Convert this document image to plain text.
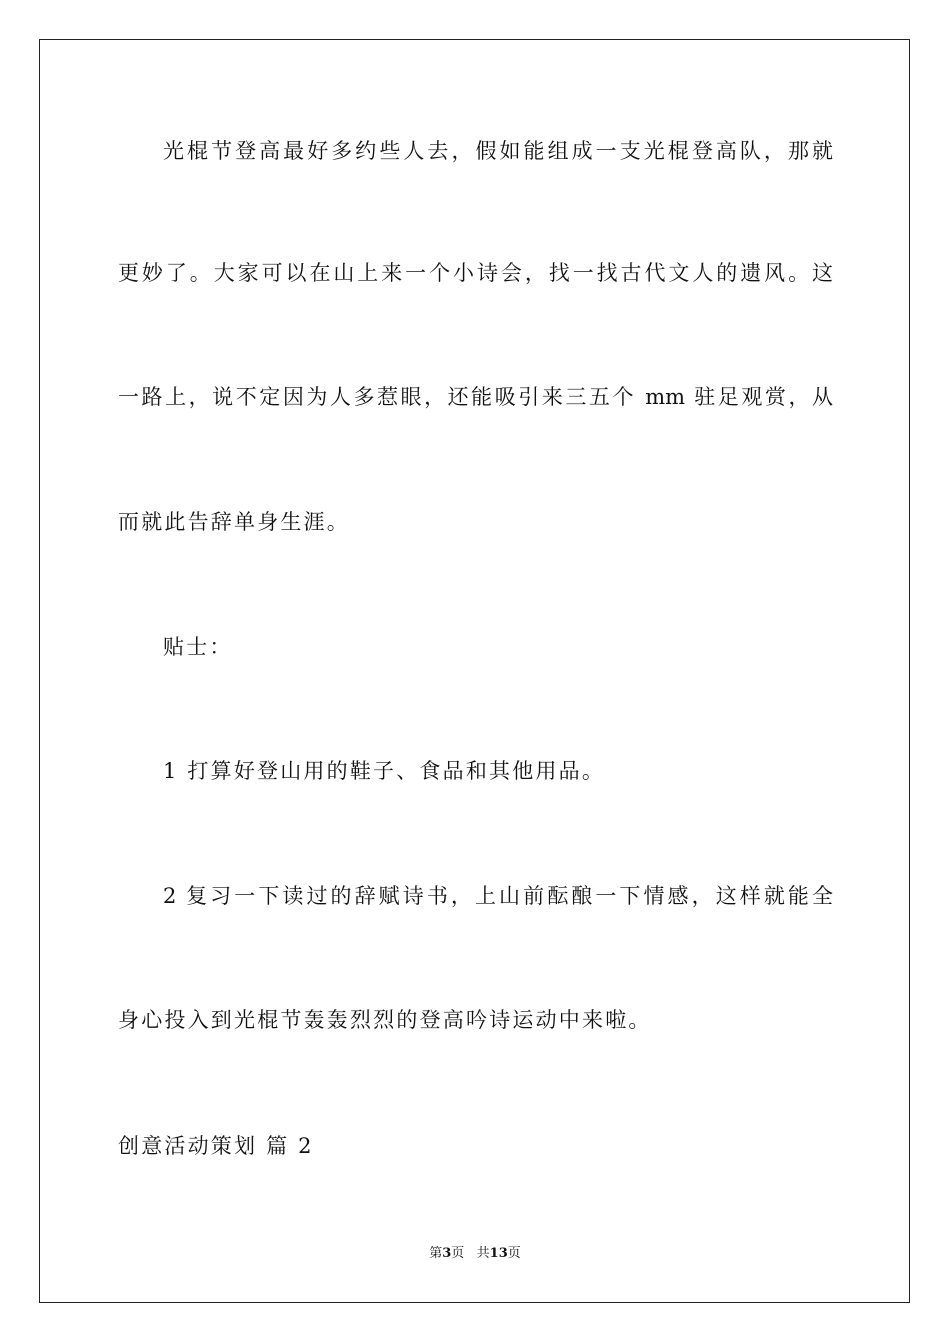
光棍节登高最好多约些人去，假如能组成一支光棍登高队，那就
更妙了。大家可以在山上来一个小诗会，找一找古代文人的遗风。这
一路上，说不定因为人多惹眼，还能吸引来三五个 mm 驻足观赏，从
而就此告辞单身生涯。
贴士：
1 打算好登山用的鞋子、食品和其他用品。
2 复习一下读过的辞赋诗书，上山前酝酿一下情感，这样就能全
身心投入到光棍节轰轰烈烈的登高吟诗运动中来啦。
创意活动策划 篇 2
第3页   共13页
